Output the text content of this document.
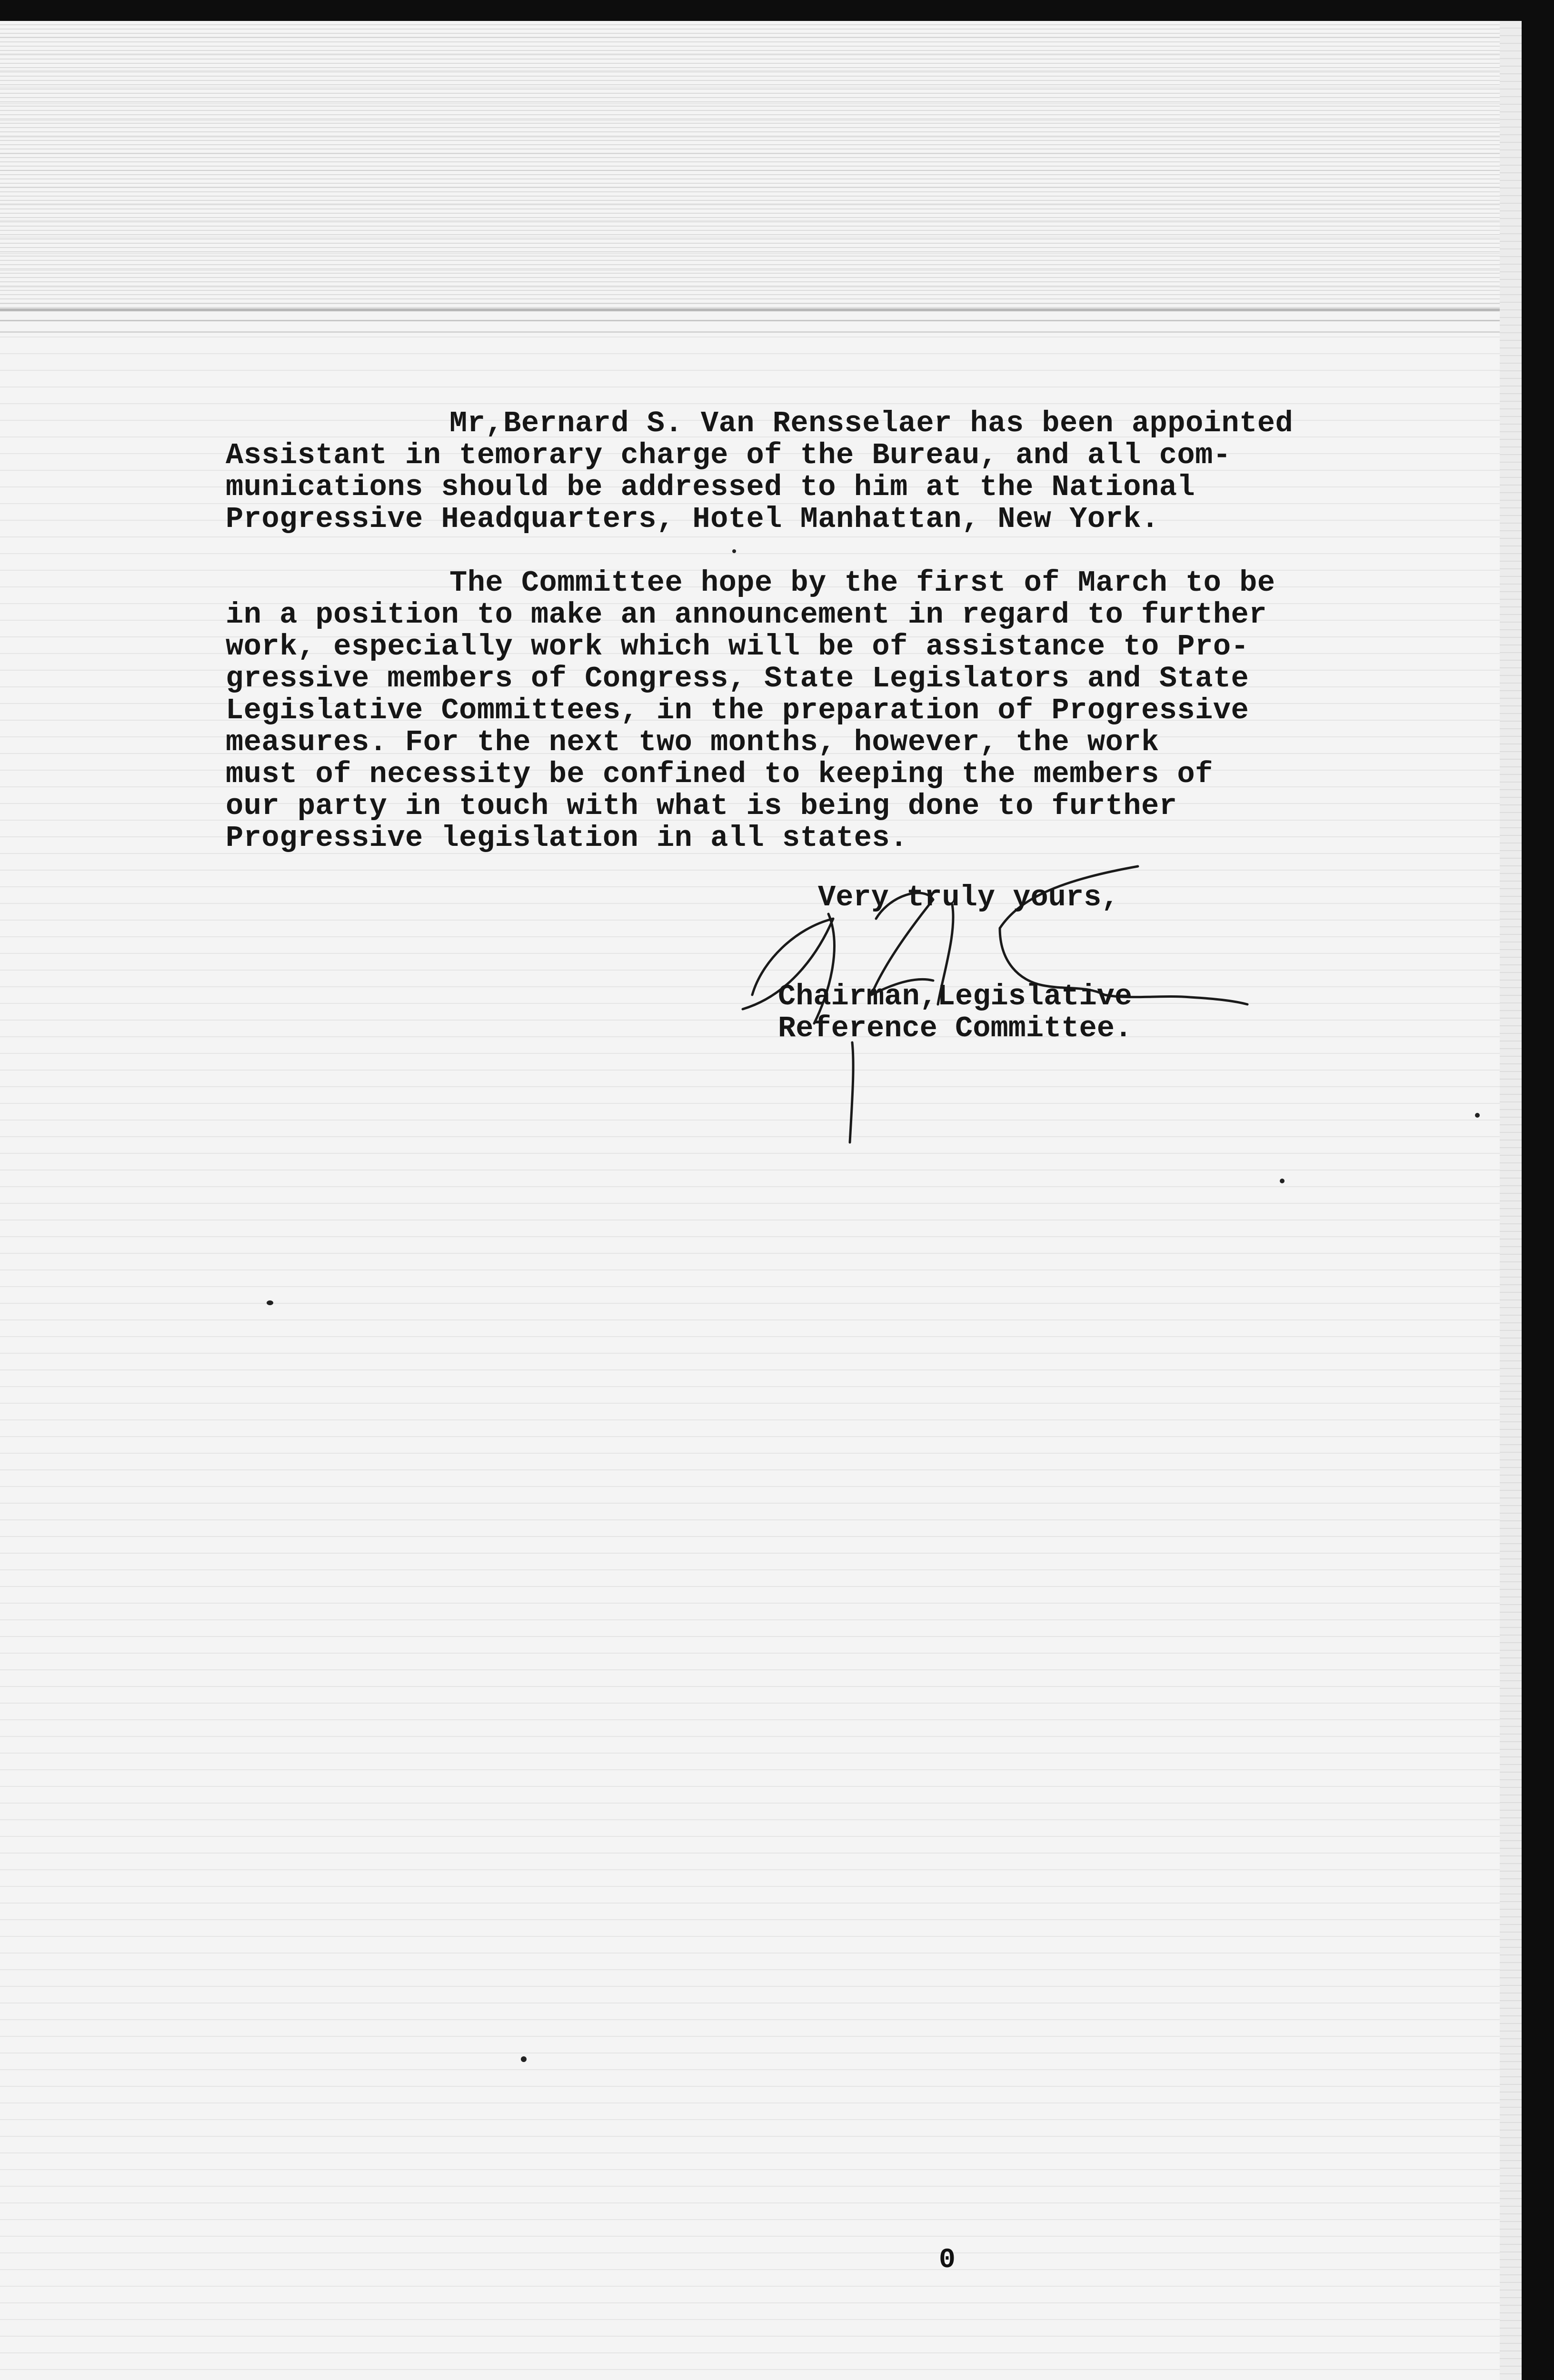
Mr,Bernard S. Van Rensselaer has been appointed
Assistant in temorary charge of the Bureau, and all com-
munications should be addressed to him at the National
Progressive Headquarters, Hotel Manhattan, New York.

The Committee hope by the first of March to be
in a position to make an announcement in regard to further
work, especially work which will be of assistance to Pro-
gressive members of Congress, State Legislators and State
Legislative Committees, in the preparation of Progressive
measures. For the next two months, however, the work
must of necessity be confined to keeping the members of
our party in touch with what is being done to further
Progressive legislation in all states.

Very truly yours,
Chairman,Legislative
Reference Committee.
0
